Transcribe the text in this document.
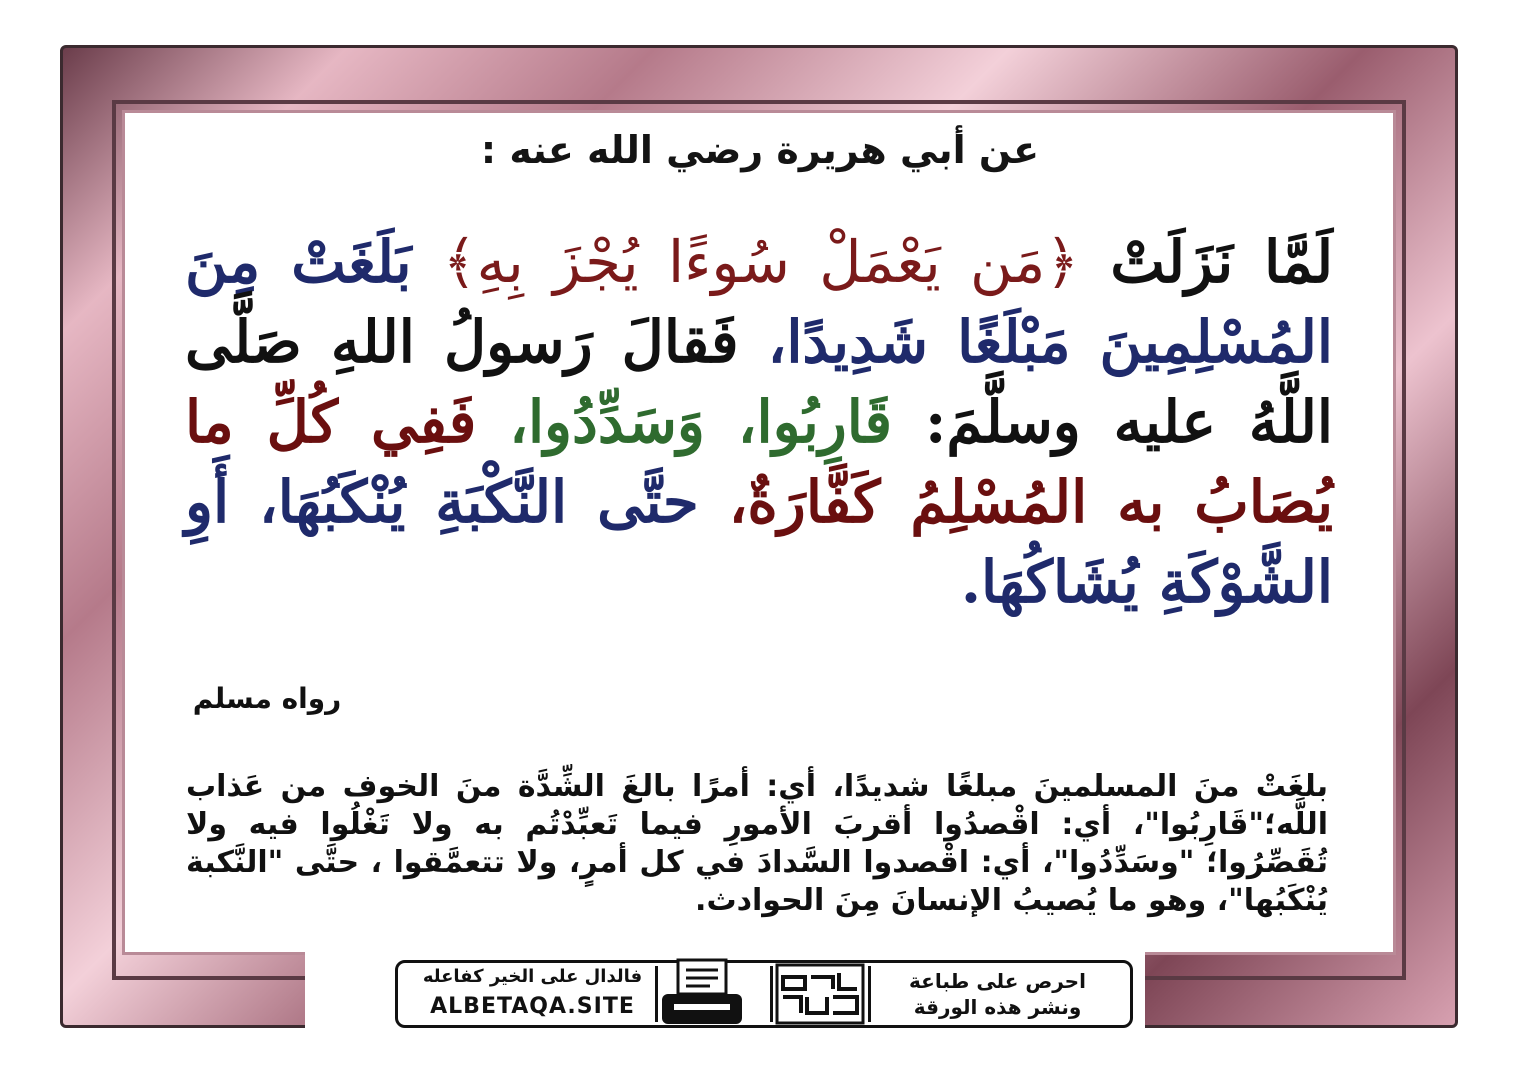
عن أبي هريرة رضي الله عنه :
لَمَّا نَزَلَتْ ﴿مَن يَعْمَلْ سُوءًا يُجْزَ بِهِ﴾ بَلَغَتْ مِنَ المُسْلِمِينَ مَبْلَغًا شَدِيدًا، فَقالَ رَسولُ اللهِ صَلَّى اللَّهُ عليه وسلَّمَ: قَارِبُوا، وَسَدِّدُوا، فَفِي كُلِّ ما يُصَابُ به المُسْلِمُ كَفَّارَةٌ، حتَّى النَّكْبَةِ يُنْكَبُهَا، أَوِ الشَّوْكَةِ يُشَاكُهَا.
رواه مسلم
بلغَتْ منَ المسلمينَ مبلغًا شديدًا، أي: أمرًا بالغَ الشِّدَّة منَ الخوف من عَذاب اللَّه؛"قَارِبُوا"، أي: اقْصدُوا أقربَ الأمورِ فيما تَعبِّدْتُم به ولا تَغْلُوا فيه ولا تُقَصِّرُوا؛ "وسَدِّدُوا"، أي: اقْصدوا السَّدادَ في كل أمرٍ، ولا تتعمَّقوا ، حتَّى "النَّكبة يُنْكَبُها"، وهو ما يُصيبُ الإنسانَ مِنَ الحوادث.
احرص على طباعة
ونشر هذه الورقة
فالدال على الخير كفاعله
ALBETAQA.SITE
